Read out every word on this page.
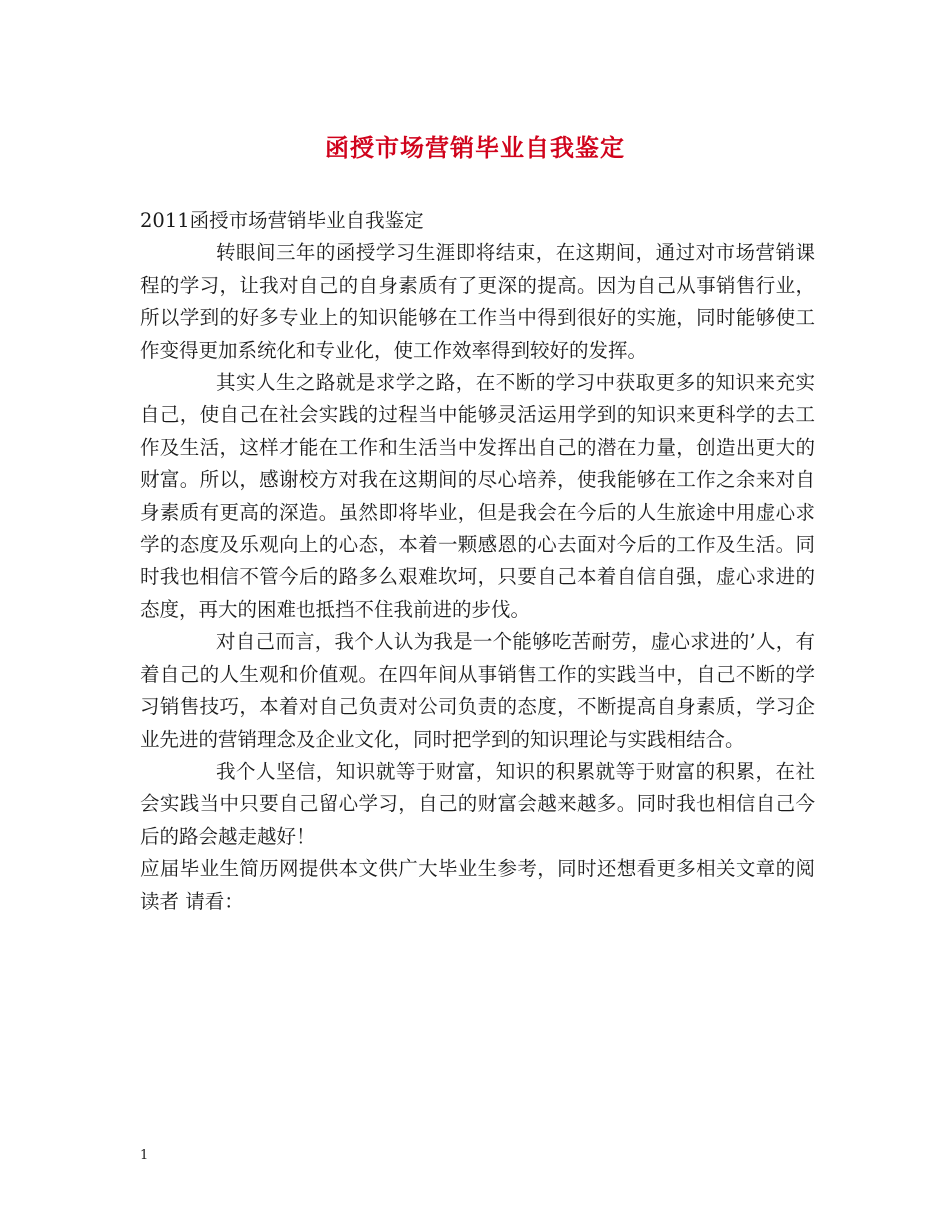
函授市场营销毕业自我鉴定

2011函授市场营销毕业自我鉴定

转眼间三年的函授学习生涯即将结束，在这期间，通过对市场营销课程的学习，让我对自己的自身素质有了更深的提高。因为自己从事销售行业，所以学到的好多专业上的知识能够在工作当中得到很好的实施，同时能够使工作变得更加系统化和专业化，使工作效率得到较好的发挥。

其实人生之路就是求学之路，在不断的学习中获取更多的知识来充实自己，使自己在社会实践的过程当中能够灵活运用学到的知识来更科学的去工作及生活，这样才能在工作和生活当中发挥出自己的潜在力量，创造出更大的财富。所以，感谢校方对我在这期间的尽心培养，使我能够在工作之余来对自身素质有更高的深造。虽然即将毕业，但是我会在今后的人生旅途中用虚心求学的态度及乐观向上的心态，本着一颗感恩的心去面对今后的工作及生活。同时我也相信不管今后的路多么艰难坎坷，只要自己本着自信自强，虚心求进的态度，再大的困难也抵挡不住我前进的步伐。

对自己而言，我个人认为我是一个能够吃苦耐劳，虚心求进的’人，有着自己的人生观和价值观。在四年间从事销售工作的实践当中，自己不断的学习销售技巧，本着对自己负责对公司负责的态度，不断提高自身素质，学习企业先进的营销理念及企业文化，同时把学到的知识理论与实践相结合。

我个人坚信，知识就等于财富，知识的积累就等于财富的积累，在社会实践当中只要自己留心学习，自己的财富会越来越多。同时我也相信自己今后的路会越走越好！

应届毕业生简历网提供本文供广大毕业生参考，同时还想看更多相关文章的阅读者 请看：

1
